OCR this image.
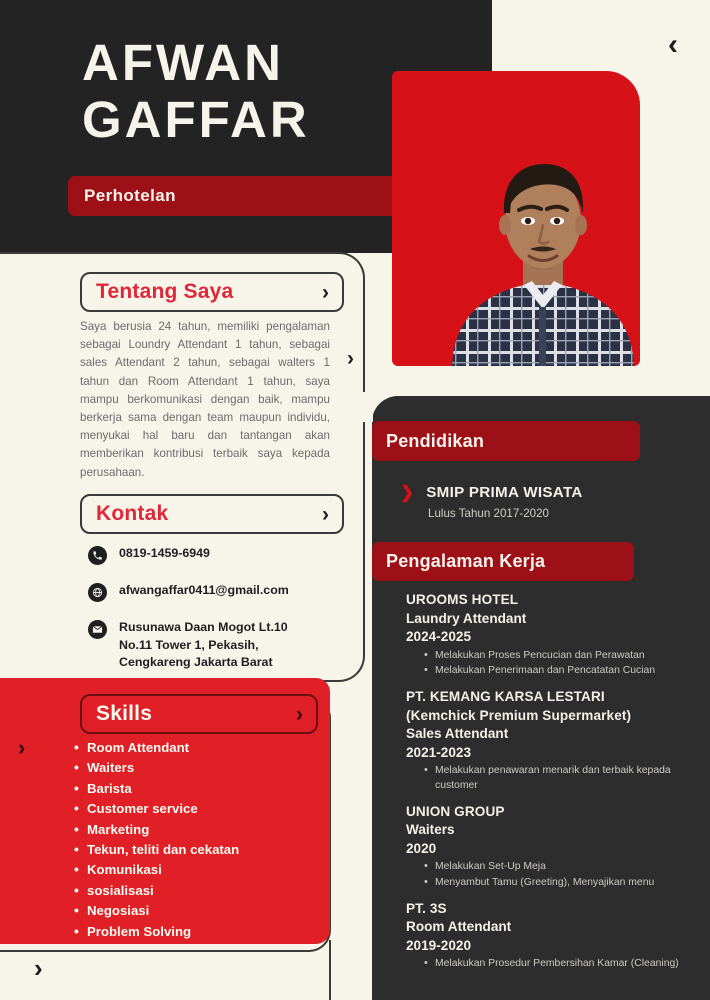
AFWAN
GAFFAR
Perhotelan
Tentang Saya	›
Saya berusia 24 tahun, memiliki pengalaman sebagai Loundry Attendant 1 tahun, sebagai sales Attendant 2 tahun, sebagai walters 1 tahun dan Room Attendant 1 tahun, saya mampu berkomunikasi dengan baik, mampu berkerja sama dengan team maupun individu, menyukai hal baru dan tantangan akan memberikan kontribusi terbaik saya kepada perusahaan.
Kontak	›
0819-1459-6949
afwangaffar0411@gmail.com
Rusunawa Daan Mogot Lt.10
No.11 Tower 1, Pekasih,
Cengkareng Jakarta Barat
Skills	›
• Room Attendant
• Waiters
• Barista
• Customer service
• Marketing
• Tekun, teliti dan cekatan
• Komunikasi
• sosialisasi
• Negosiasi
• Problem Solving
Pendidikan
❯ SMIP PRIMA WISATA
Lulus Tahun 2017-2020
Pengalaman Kerja
UROOMS HOTEL
Laundry Attendant
2024-2025
• Melakukan Proses Pencucian dan Perawatan
• Melakukan Penerimaan dan Pencatatan Cucian
PT. KEMANG KARSA LESTARI
(Kemchick Premium Supermarket)
Sales Attendant
2021-2023
• Melakukan penawaran menarik dan terbaik kepada customer
UNION GROUP
Waiters
2020
• Melakukan Set-Up Meja
• Menyambut Tamu (Greeting), Menyajikan menu
PT. 3S
Room Attendant
2019-2020
• Melakukan Prosedur Pembersihan Kamar (Cleaning)
‹
›
›
›
